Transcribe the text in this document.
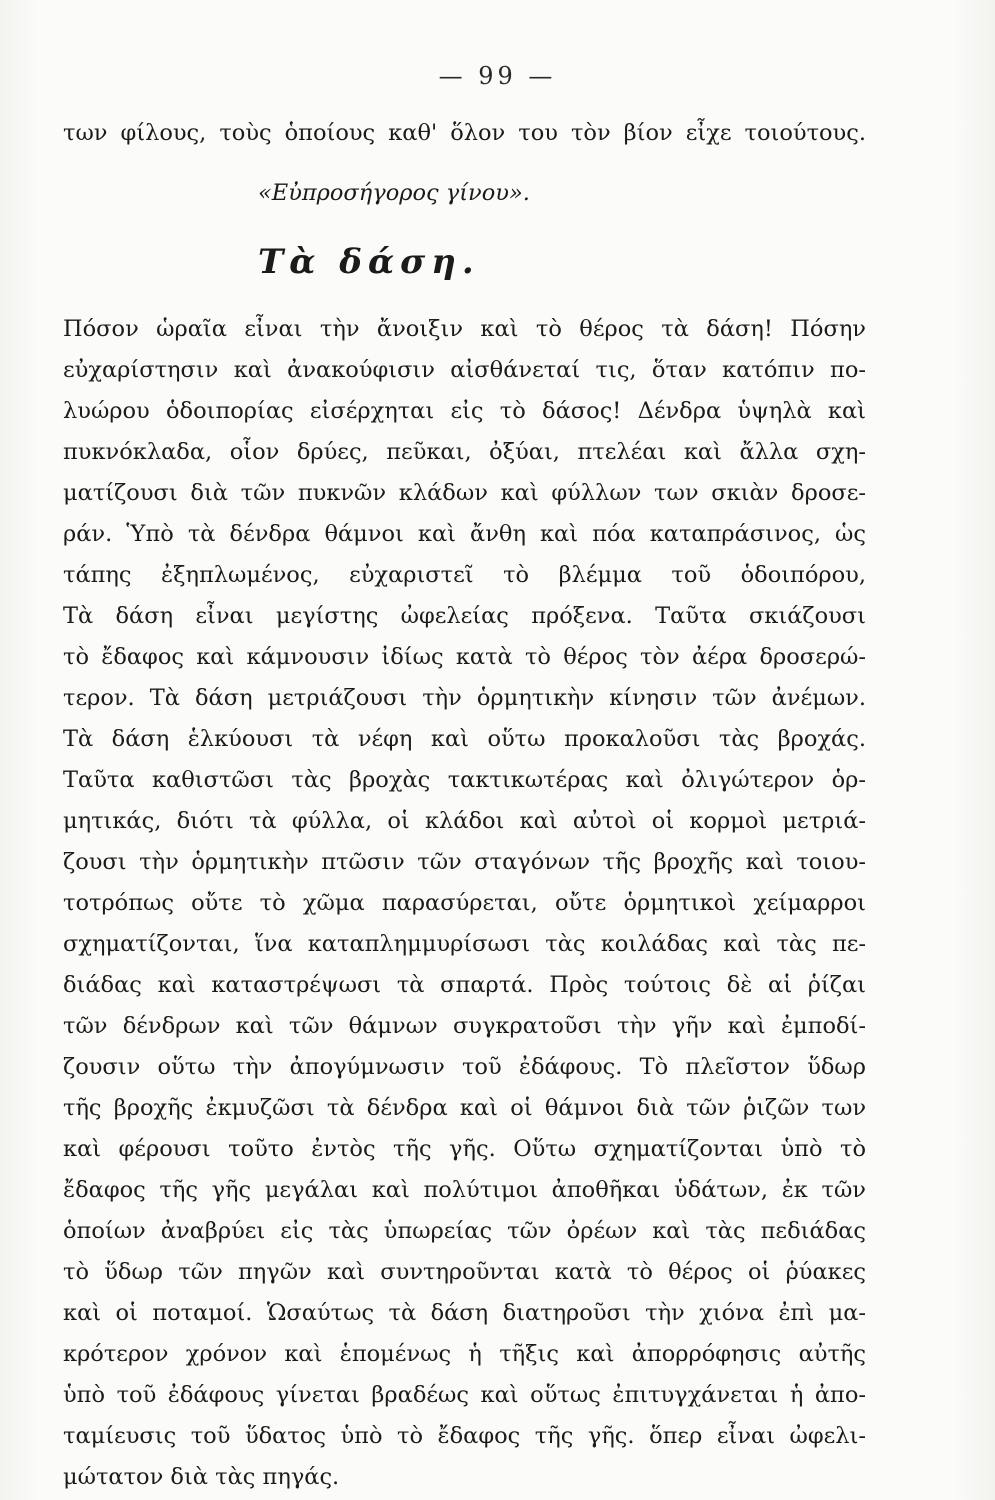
— 99 —
των φίλους, τοὺς ὁποίους καθ' ὅλον του τὸν βίον εἶχε τοιούτους.
«Εὐπροσήγορος γίνου».
Τὰ δάση.
Πόσον ὡραῖα εἶναι τὴν ἄνοιξιν καὶ τὸ θέρος τὰ δάση! Πόσην
εὐχαρίστησιν καὶ ἀνακούφισιν αἰσθάνεταί τις, ὅταν κατόπιν πο-
λυώρου ὁδοιπορίας εἰσέρχηται εἰς τὸ δάσος! Δένδρα ὑψηλὰ καὶ
πυκνόκλαδα, οἷον δρύες, πεῦκαι, ὀξύαι, πτελέαι καὶ ἄλλα σχη-
ματίζουσι διὰ τῶν πυκνῶν κλάδων καὶ φύλλων των σκιὰν δροσε-
ράν. Ὑπὸ τὰ δένδρα θάμνοι καὶ ἄνθη καὶ πόα καταπράσινος, ὡς
τάπης ἐξηπλωμένος, εὐχαριστεῖ τὸ βλέμμα τοῦ ὁδοιπόρου,
Τὰ δάση εἶναι μεγίστης ὠφελείας πρόξενα. Ταῦτα σκιάζουσι
τὸ ἔδαφος καὶ κάμνουσιν ἰδίως κατὰ τὸ θέρος τὸν ἀέρα δροσερώ-
τερον. Τὰ δάση μετριάζουσι τὴν ὁρμητικὴν κίνησιν τῶν ἀνέμων.
Τὰ δάση ἑλκύουσι τὰ νέφη καὶ οὕτω προκαλοῦσι τὰς βροχάς.
Ταῦτα καθιστῶσι τὰς βροχὰς τακτικωτέρας καὶ ὀλιγώτερον ὁρ-
μητικάς, διότι τὰ φύλλα, οἱ κλάδοι καὶ αὐτοὶ οἱ κορμοὶ μετριά-
ζουσι τὴν ὁρμητικὴν πτῶσιν τῶν σταγόνων τῆς βροχῆς καὶ τοιου-
τοτρόπως οὔτε τὸ χῶμα παρασύρεται, οὔτε ὁρμητικοὶ χείμαρροι
σχηματίζονται, ἵνα καταπλημμυρίσωσι τὰς κοιλάδας καὶ τὰς πε-
διάδας καὶ καταστρέψωσι τὰ σπαρτά. Πρὸς τούτοις δὲ αἱ ῥίζαι
τῶν δένδρων καὶ τῶν θάμνων συγκρατοῦσι τὴν γῆν καὶ ἐμποδί-
ζουσιν οὕτω τὴν ἀπογύμνωσιν τοῦ ἐδάφους. Τὸ πλεῖστον ὕδωρ
τῆς βροχῆς ἐκμυζῶσι τὰ δένδρα καὶ οἱ θάμνοι διὰ τῶν ῥιζῶν των
καὶ φέρουσι τοῦτο ἐντὸς τῆς γῆς. Οὕτω σχηματίζονται ὑπὸ τὸ
ἔδαφος τῆς γῆς μεγάλαι καὶ πολύτιμοι ἀποθῆκαι ὑδάτων, ἐκ τῶν
ὁποίων ἀναβρύει εἰς τὰς ὑπωρείας τῶν ὀρέων καὶ τὰς πεδιάδας
τὸ ὕδωρ τῶν πηγῶν καὶ συντηροῦνται κατὰ τὸ θέρος οἱ ῥύακες
καὶ οἱ ποταμοί. Ὡσαύτως τὰ δάση διατηροῦσι τὴν χιόνα ἐπὶ μα-
κρότερον χρόνον καὶ ἑπομένως ἡ τῆξις καὶ ἀπορρόφησις αὐτῆς
ὑπὸ τοῦ ἐδάφους γίνεται βραδέως καὶ οὕτως ἐπιτυγχάνεται ἡ ἀπο-
ταμίευσις τοῦ ὕδατος ὑπὸ τὸ ἔδαφος τῆς γῆς. ὅπερ εἶναι ὠφελι-
μώτατον διὰ τὰς πηγάς.
